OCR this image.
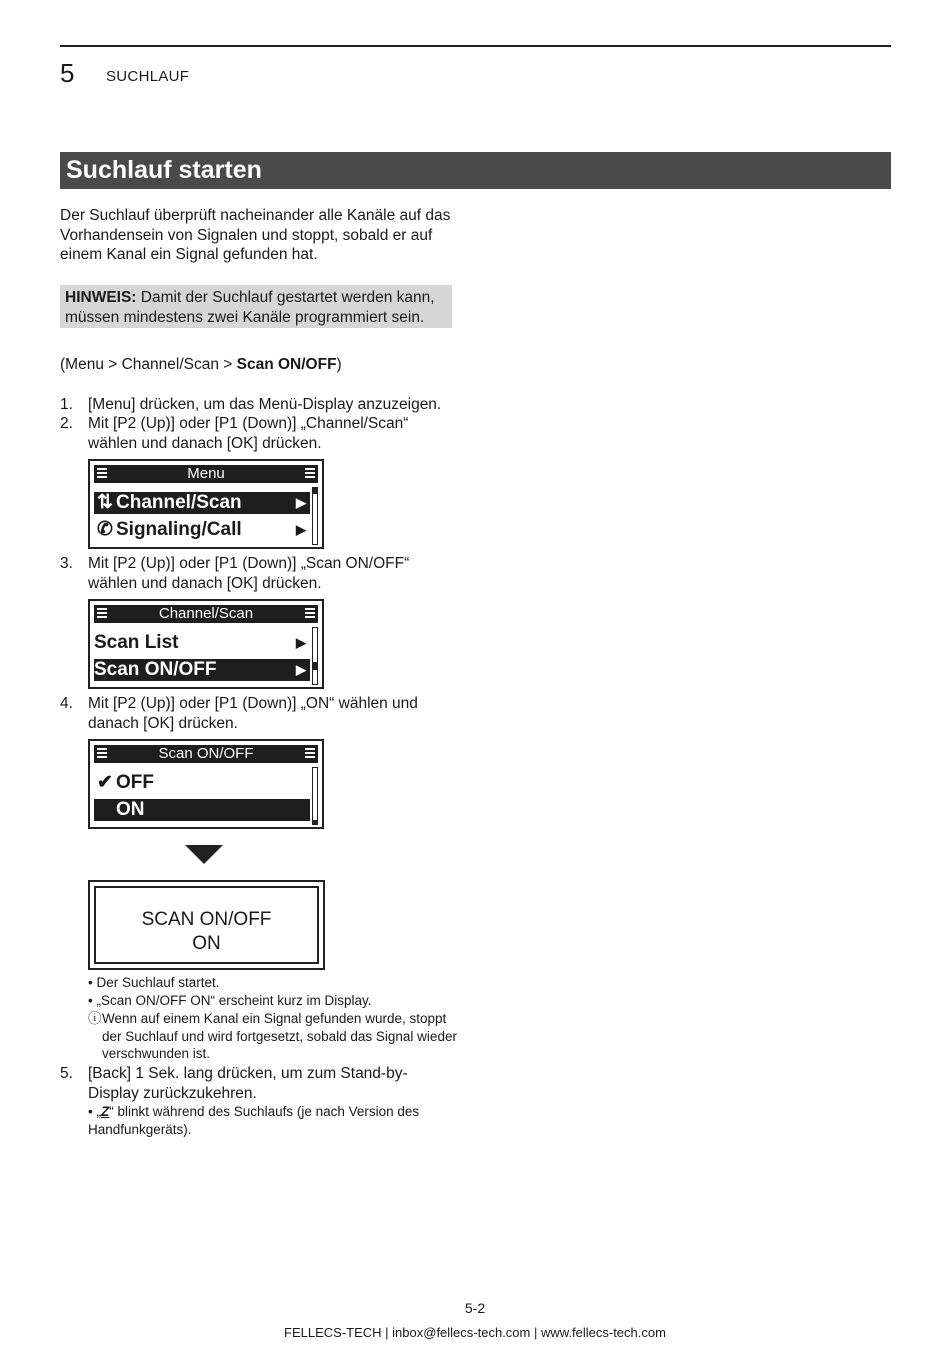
5 SUCHLAUF
Suchlauf starten
Der Suchlauf überprüft nacheinander alle Kanäle auf das Vorhandensein von Signalen und stoppt, sobald er auf einem Kanal ein Signal gefunden hat.

HINWEIS: Damit der Suchlauf gestartet werden kann, müssen mindestens zwei Kanäle programmiert sein.

(Menu > Channel/Scan > Scan ON/OFF)
1. [Menu] drücken, um das Menü-Display anzuzeigen.
2. Mit [P2 (Up)] oder [P1 (Down)] „Channel/Scan“ wählen und danach [OK] drücken.
Menu
⇅ Channel/Scan	▶
✆ Signaling/Call	▶
3. Mit [P2 (Up)] oder [P1 (Down)] „Scan ON/OFF“ wählen und danach [OK] drücken.
Channel/Scan
Scan List	▶
Scan ON/OFF	▶
4. Mit [P2 (Up)] oder [P1 (Down)] „ON“ wählen und danach [OK] drücken.
Scan ON/OFF
✔ OFF
ON
SCAN ON/OFF
ON
• Der Suchlauf startet.
• „Scan ON/OFF ON“ erscheint kurz im Display.
ⓘ Wenn auf einem Kanal ein Signal gefunden wurde, stoppt der Suchlauf und wird fortgesetzt, sobald das Signal wieder verschwunden ist.
5. [Back] 1 Sek. lang drücken, um zum Stand-by-Display zurückzukehren.
• „Z“ blinkt während des Suchlaufs (je nach Version des Handfunkgeräts).
5-2
FELLECS-TECH | inbox@fellecs-tech.com | www.fellecs-tech.com
